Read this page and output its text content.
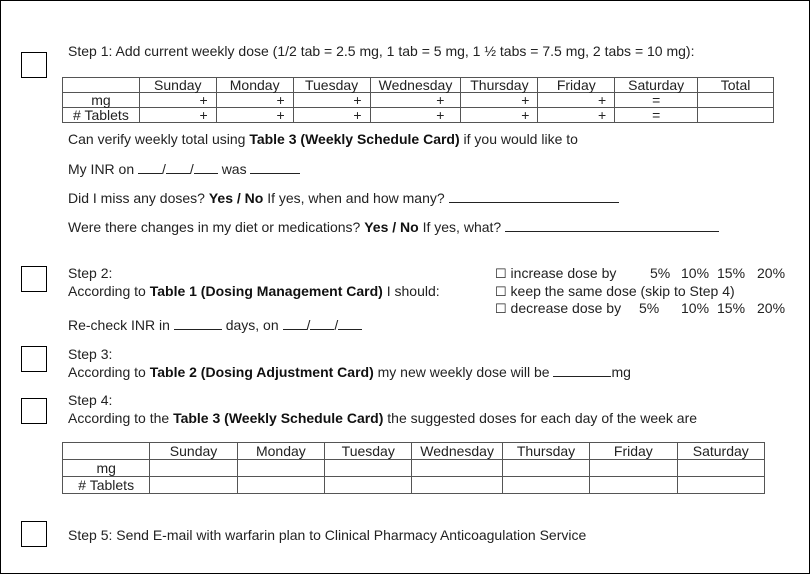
Step 1: Add current weekly dose (1/2 tab = 2.5 mg, 1 tab = 5 mg, 1 ½ tabs = 7.5 mg, 2 tabs = 10 mg):
	Sunday	Monday	Tuesday	Wednesday	Thursday	Friday	Saturday	Total
mg	+	+	+	+	+	+	=	
# Tablets	+	+	+	+	+	+	=	
Can verify weekly total using Table 3 (Weekly Schedule Card) if you would like to
My INR on / / was
Did I miss any doses? Yes / No If yes, when and how many?
Were there changes in my diet or medications? Yes / No If yes, what?
Step 2:
According to Table 1 (Dosing Management Card) I should:
☐ increase dose by 5% 10% 15% 20%
☐ keep the same dose (skip to Step 4)
☐ decrease dose by 5% 10% 15% 20%
Re-check INR in	days, on / /
Step 3:
According to Table 2 (Dosing Adjustment Card) my new weekly dose will be	mg
Step 4:
According to the Table 3 (Weekly Schedule Card) the suggested doses for each day of the week are
	Sunday	Monday	Tuesday	Wednesday	Thursday	Friday	Saturday
mg							
# Tablets							
Step 5: Send E-mail with warfarin plan to Clinical Pharmacy Anticoagulation Service
